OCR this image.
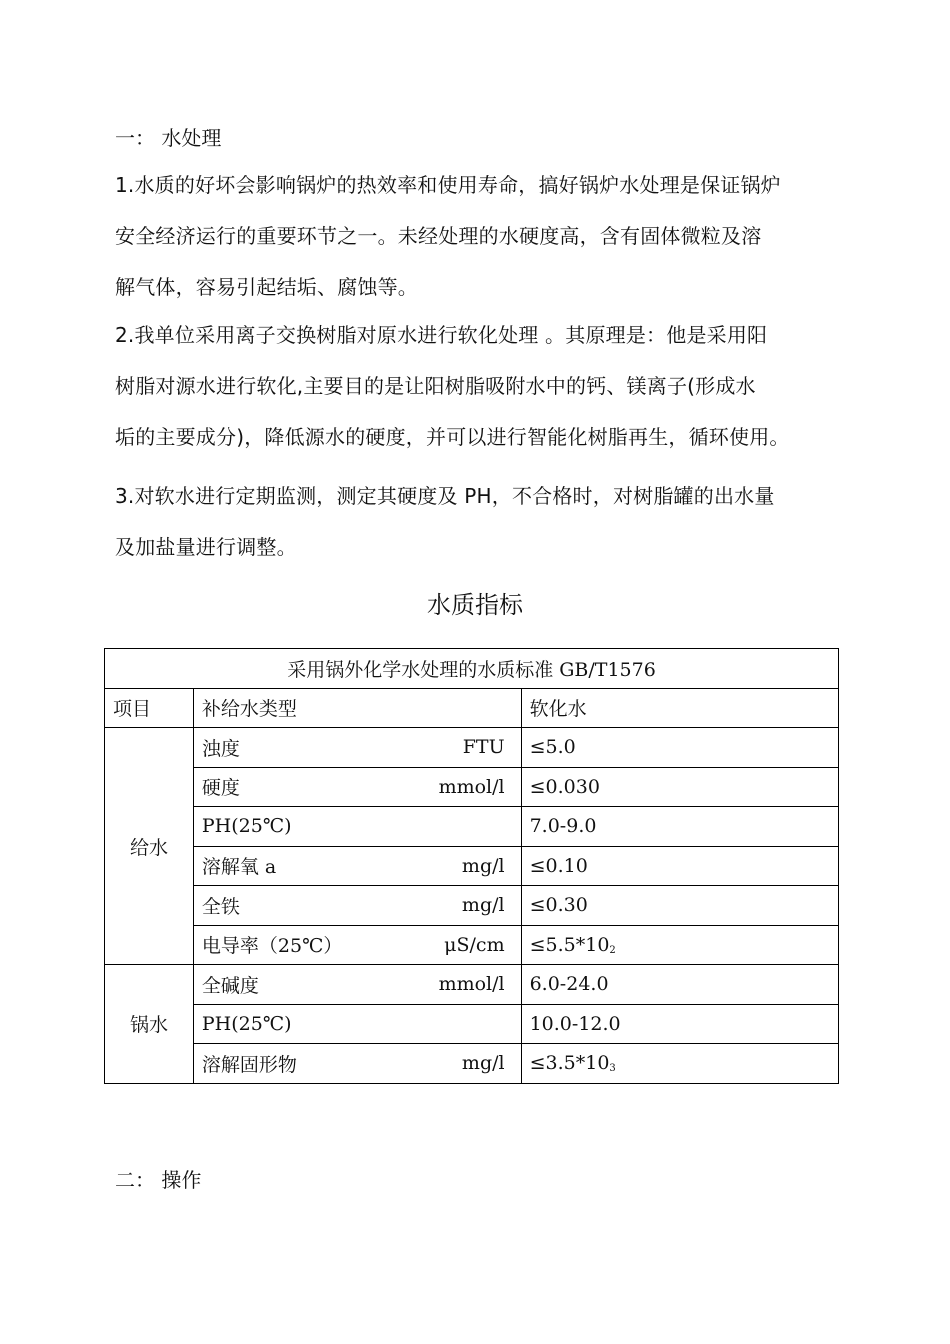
一： 水处理
1.水质的好坏会影响锅炉的热效率和使用寿命，搞好锅炉水处理是保证锅炉
安全经济运行的重要环节之一。未经处理的水硬度高，含有固体微粒及溶
解气体，容易引起结垢、腐蚀等。
2.我单位采用离子交换树脂对原水进行软化处理 。其原理是：他是采用阳
树脂对源水进行软化,主要目的是让阳树脂吸附水中的钙、镁离子(形成水
垢的主要成分)，降低源水的硬度，并可以进行智能化树脂再生，循环使用。
3.对软水进行定期监测，测定其硬度及 PH，不合格时，对树脂罐的出水量
及加盐量进行调整。
水质指标
采用锅外化学水处理的水质标准 GB/T1576		
项目	补给水类型	软化水
给水	浊度 FTU	≤5.0

	硬度 mmol/l	≤0.030

	PH(25℃)	7.0-9.0

	溶解氧 a mg/l	≤0.10

	全铁 mg/l	≤0.30

	电导率（25℃） μS/cm	≤5.5*102
锅水	全碱度 mmol/l	6.0-24.0

	PH(25℃)	10.0-12.0

	溶解固形物 mg/l	≤3.5*103
二： 操作
